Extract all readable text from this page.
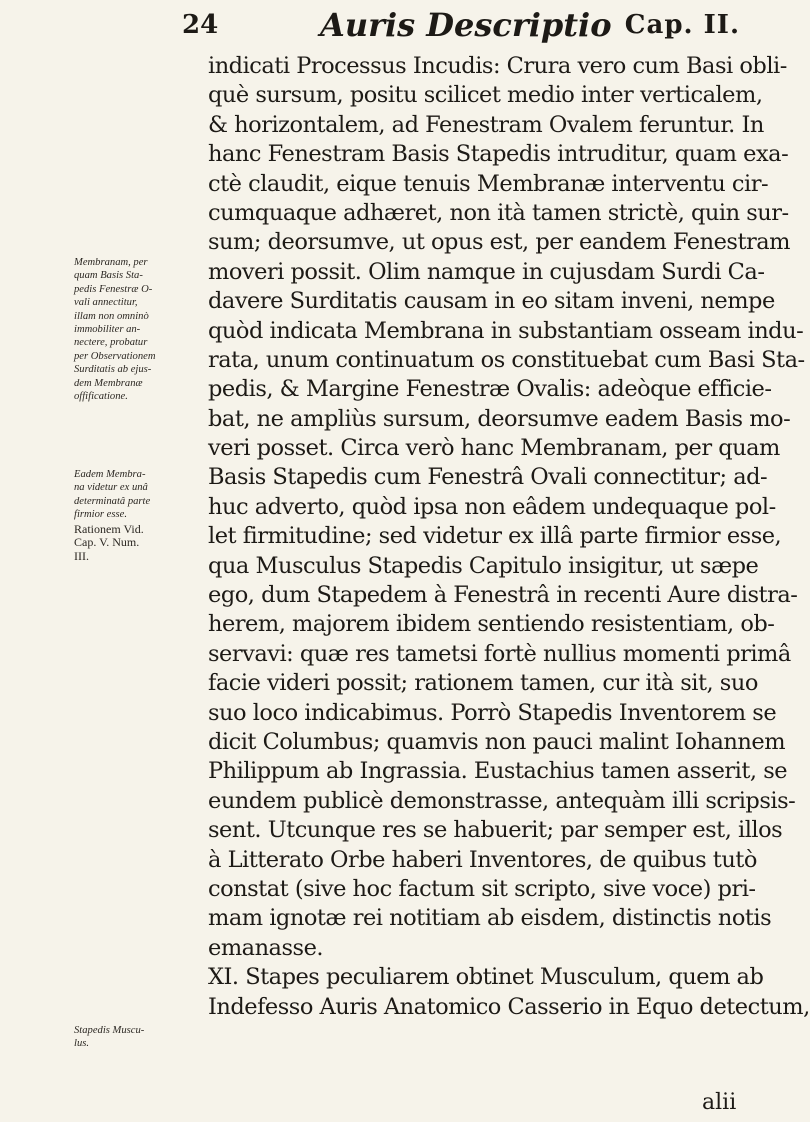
24	Auris Descriptio Cap. II.
indicati Processus Incudis: Crura vero cum Basi obli-
què sursum, positu scilicet medio inter verticalem,
& horizontalem, ad Fenestram Ovalem feruntur. In
hanc Fenestram Basis Stapedis intruditur, quam exa-
ctè claudit, eique tenuis Membranæ interventu cir-
cumquaque adhæret, non ità tamen strictè, quin sur-
sum; deorsumve, ut opus est, per eandem Fenestram
moveri possit. Olim namque in cujusdam Surdi Ca-
davere Surditatis causam in eo sitam inveni, nempe
quòd indicata Membrana in substantiam osseam indu-
rata, unum continuatum os constituebat cum Basi Sta-
pedis, & Margine Fenestræ Ovalis: adeòque efficie-
bat, ne ampliùs sursum, deorsumve eadem Basis mo-
veri posset. Circa verò hanc Membranam, per quam
Basis Stapedis cum Fenestrâ Ovali connectitur; ad-
huc adverto, quòd ipsa non eâdem undequaque pol-
let firmitudine; sed videtur ex illâ parte firmior esse,
qua Musculus Stapedis Capitulo insigitur, ut sæpe
ego, dum Stapedem à Fenestrâ in recenti Aure distra-
herem, majorem ibidem sentiendo resistentiam, ob-
servavi: quæ res tametsi fortè nullius momenti primâ
facie videri possit; rationem tamen, cur ità sit, suo
suo loco indicabimus. Porrò Stapedis Inventorem se
dicit Columbus; quamvis non pauci malint Iohannem
Philippum ab Ingrassia. Eustachius tamen asserit, se
eundem publicè demonstrasse, antequàm illi scripsis-
sent. Utcunque res se habuerit; par semper est, illos
à Litterato Orbe haberi Inventores, de quibus tutò
constat (sive hoc factum sit scripto, sive voce) pri-
mam ignotæ rei notitiam ab eisdem, distinctis notis
emanasse.
XI. Stapes peculiarem obtinet Musculum, quem ab
Indefesso Auris Anatomico Casserio in Equo detectum,
Membranam, per
quam Basis Sta-
pedis Fenestræ O-
vali annectitur,
illam non omninò
immobiliter an-
nectere, probatur
per Observationem
Surditatis ab ejus-
dem Membranæ
offificatione.
Eadem Membra-
na videtur ex unâ
determinatâ parte
firmior esse.
Rationem Vid.
Cap. V. Num.
III.
Stapedis Muscu-
lus.
alii
